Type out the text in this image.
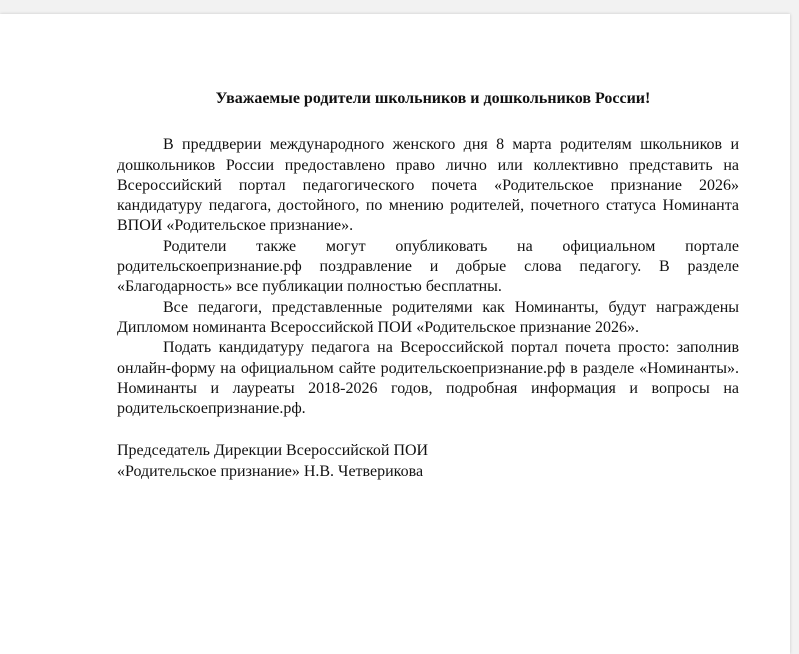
Уважаемые родители школьников и дошкольников России!

В преддверии международного женского дня 8 марта родителям школьников и дошкольников России предоставлено право лично или коллективно представить на Всероссийский портал педагогического почета «Родительское признание 2026» кандидатуру педагога, достойного, по мнению родителей, почетного статуса Номинанта ВПОИ «Родительское признание».

Родители также могут опубликовать на официальном портале родительскоепризнание.рф поздравление и добрые слова педагогу. В разделе «Благодарность» все публикации полностью бесплатны.

Все педагоги, представленные родителями как Номинанты, будут награждены Дипломом номинанта Всероссийской ПОИ «Родительское признание 2026».

Подать кандидатуру педагога на Всероссийской портал почета просто: заполнив онлайн-форму на официальном сайте родительскоепризнание.рф в разделе «Номинанты». Номинанты и лауреаты 2018-2026 годов, подробная информация и вопросы на родительскоепризнание.рф.

Председатель Дирекции Всероссийской ПОИ
«Родительское признание» Н.В. Четверикова
